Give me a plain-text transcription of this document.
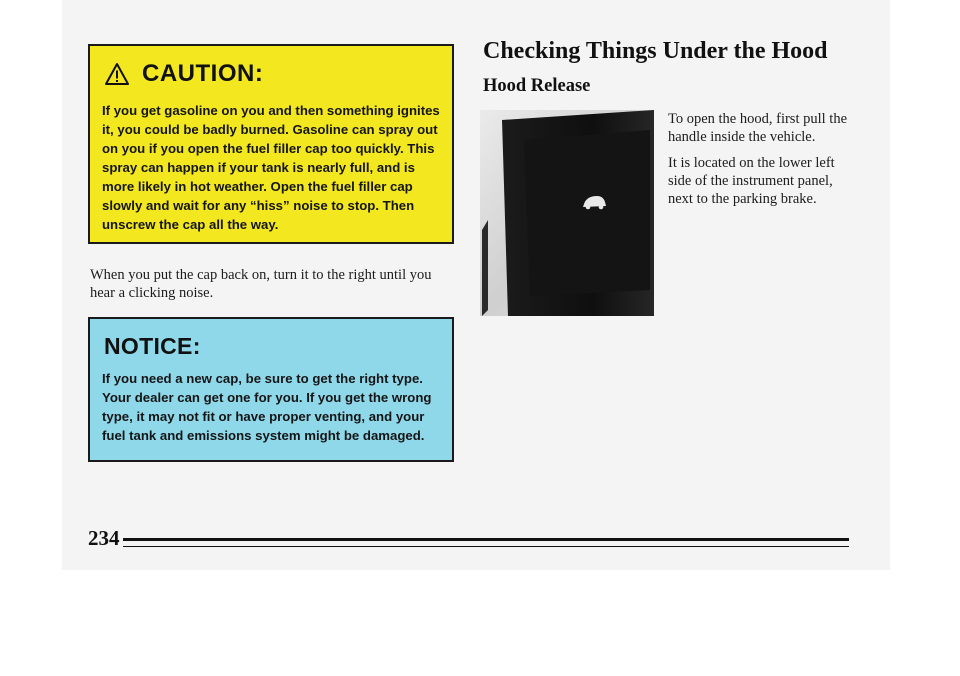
CAUTION:
If you get gasoline on you and then something ignites it, you could be badly burned. Gasoline can spray out on you if you open the fuel filler cap too quickly. This spray can happen if your tank is nearly full, and is more likely in hot weather. Open the fuel filler cap slowly and wait for any “hiss” noise to stop. Then unscrew the cap all the way.
When you put the cap back on, turn it to the right until you hear a clicking noise.
NOTICE:
If you need a new cap, be sure to get the right type. Your dealer can get one for you. If you get the wrong type, it may not fit or have proper venting, and your fuel tank and emissions system might be damaged.
Checking Things Under the Hood
Hood Release

To open the hood, first pull the handle inside the vehicle.

It is located on the lower left side of the instrument panel, next to the parking brake.

234
